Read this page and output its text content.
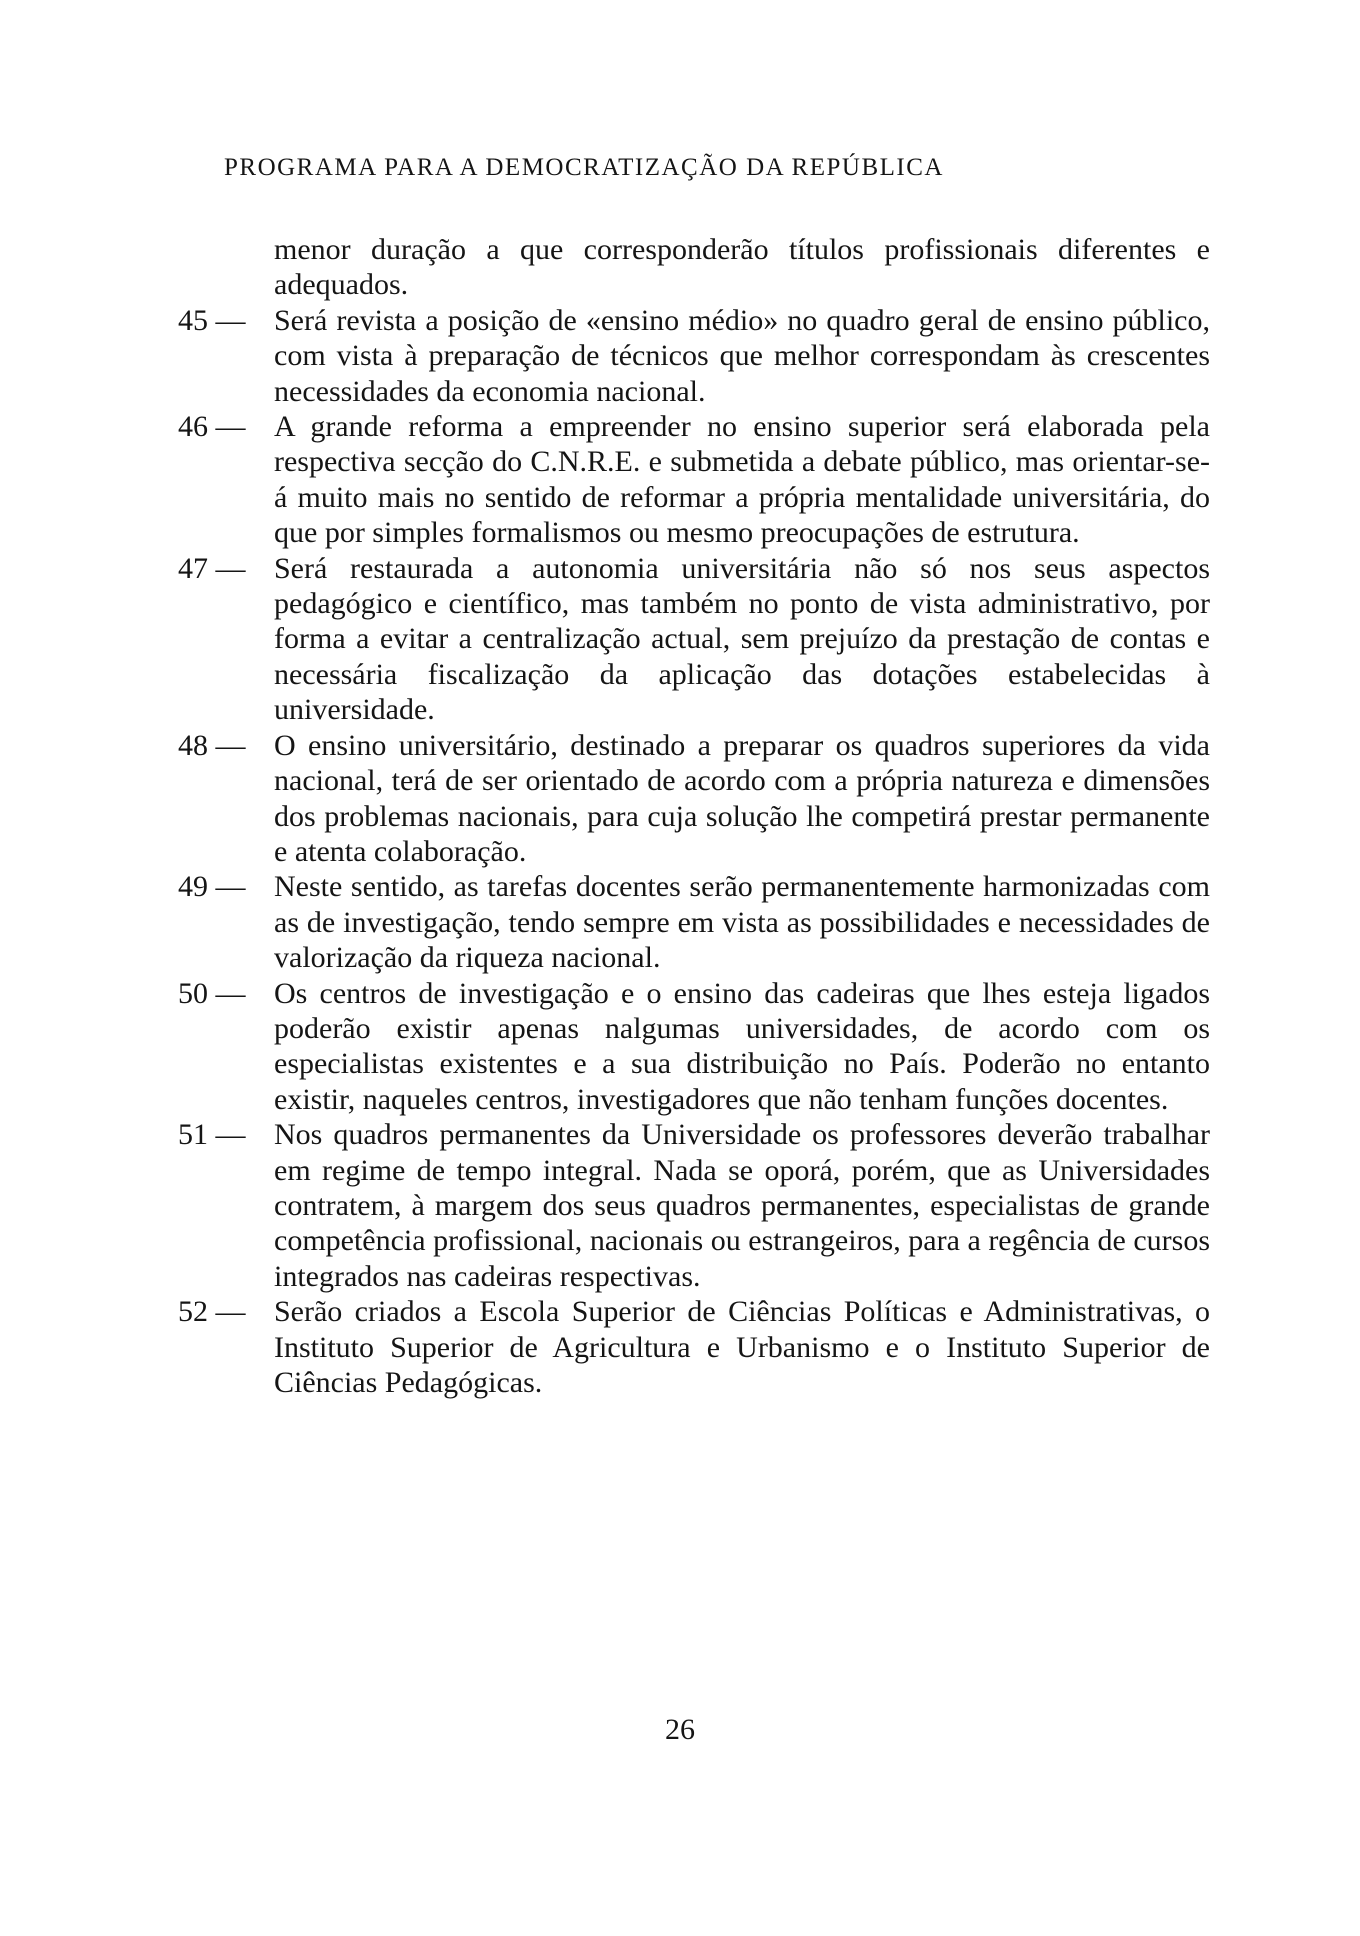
PROGRAMA PARA A DEMOCRATIZAÇÃO DA REPÚBLICA

menor duração a que corresponderão títulos profissionais diferentes e adequados.

45 — Será revista a posição de «ensino médio» no quadro geral de ensino público, com vista à preparação de técnicos que melhor correspondam às crescentes necessidades da economia nacional.

46 — A grande reforma a empreender no ensino superior será elaborada pela respectiva secção do C.N.R.E. e submetida a debate público, mas orientar-se-á muito mais no sentido de reformar a própria mentalidade universitária, do que por simples formalismos ou mesmo preocupações de estrutura.

47 — Será restaurada a autonomia universitária não só nos seus aspectos pedagógico e científico, mas também no ponto de vista administrativo, por forma a evitar a centralização actual, sem prejuízo da prestação de contas e necessária fiscalização da aplicação das dotações estabelecidas à universidade.

48 — O ensino universitário, destinado a preparar os quadros superiores da vida nacional, terá de ser orientado de acordo com a própria natureza e dimensões dos problemas nacionais, para cuja solução lhe competirá prestar permanente e atenta colaboração.

49 — Neste sentido, as tarefas docentes serão permanentemente harmonizadas com as de investigação, tendo sempre em vista as possibilidades e necessidades de valorização da riqueza nacional.

50 — Os centros de investigação e o ensino das cadeiras que lhes esteja ligados poderão existir apenas nalgumas universidades, de acordo com os especialistas existentes e a sua distribuição no País. Poderão no entanto existir, naqueles centros, investigadores que não tenham funções docentes.

51 — Nos quadros permanentes da Universidade os professores deverão trabalhar em regime de tempo integral. Nada se oporá, porém, que as Universidades contratem, à margem dos seus quadros permanentes, especialistas de grande competência profissional, nacionais ou estrangeiros, para a regência de cursos integrados nas cadeiras respectivas.

52 — Serão criados a Escola Superior de Ciências Políticas e Administrativas, o Instituto Superior de Agricultura e Urbanismo e o Instituto Superior de Ciências Pedagógicas.

26
